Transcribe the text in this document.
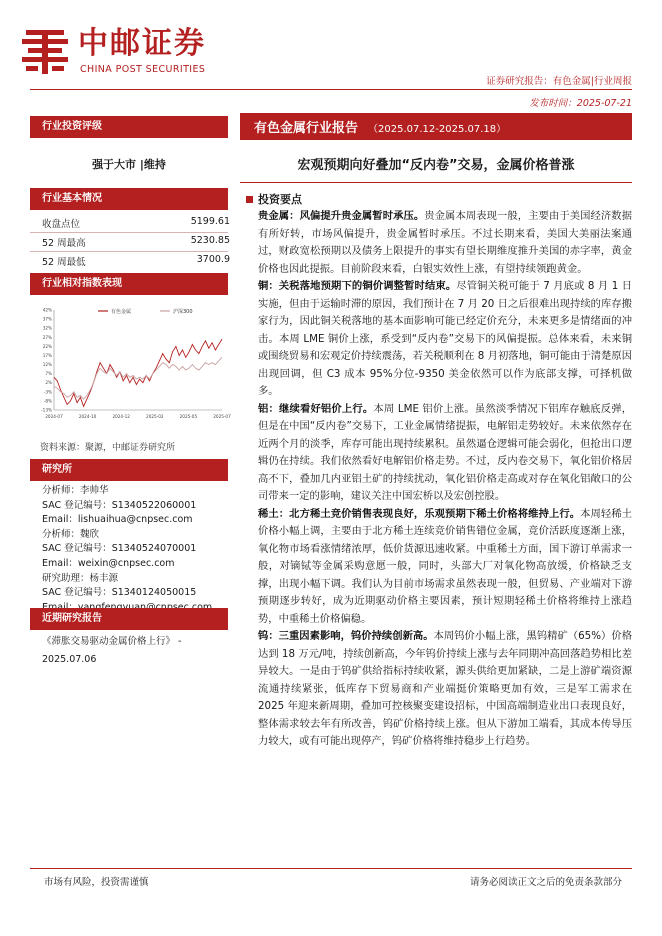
中邮证券
CHINA POST SECURITIES
证券研究报告：有色金属|行业周报
发布时间：2025-07-21
行业投资评级
强于大市 |维持
行业基本情况
收盘点位	5199.61
52 周最高	5230.85
52 周最低	3700.9
行业相对指数表现
-13%
-8%
-3%
2%
7%
12%
17%
22%
27%
32%
37%
42%
2024-07	2024-10	2024-12	2025-02	2025-05	2025-07
有色金属	沪深300
资料来源：聚源，中邮证券研究所
研究所
分析师：李帅华
SAC 登记编号：S1340522060001
Email：lishuaihua@cnpsec.com
分析师：魏欣
SAC 登记编号：S1340524070001
Email：weixin@cnpsec.com
研究助理：杨丰源
SAC 登记编号：S1340124050015
近期研究报告
《滞胀交易驱动金属价格上行》 - 2025.07.06
有色金属行业报告 （2025.07.12-2025.07.18）
宏观预期向好叠加“反内卷”交易，金属价格普涨
投资要点

贵金属：风偏提升贵金属暂时承压。贵金属本周表现一般，主要由于美国经济数据有所好转，市场风偏提升，贵金属暂时承压。不过长期来看，美国大美丽法案通过，财政宽松预期以及债务上限提升的事实有望长期维度推升美国的赤字率，黄金价格也因此提振。目前阶段来看，白银实效性上涨，有望持续领跑黄金。

铜：关税落地预期下的铜价调整暂时结束。尽管铜关税可能于 7 月底或 8 月 1 日实施，但由于运输时滞的原因，我们预计在 7 月 20 日之后很难出现持续的库存搬家行为，因此铜关税落地的基本面影响可能已经定价充分，未来更多是情绪面的冲击。本周 LME 铜价上涨，系受到“反内卷”交易下的风偏提振。总体来看，未来铜或围绕贸易和宏观定价持续震荡，若关税顺利在 8 月初落地，铜可能由于清楚原因出现回调，但 C3 成本 95%分位-9350 美金依然可以作为底部支撑，可择机做多。

铝：继续看好铝价上行。本周 LME 铝价上涨。虽然淡季情况下铝库存触底反弹，但是在中国“反内卷”交易下，工业金属情绪提振，电解铝走势较好。未来依然存在近两个月的淡季，库存可能出现持续累积。虽然逼仓逻辑可能会弱化，但抢出口逻辑仍在持续。我们依然看好电解铝价格走势。不过，反内卷交易下，氧化铝价格居高不下，叠加几内亚铝土矿的持续扰动，氧化铝价格走高或对存在氧化铝敞口的公司带来一定的影响，建议关注中国宏桥以及宏创控股。

稀土：北方稀土竞价销售表现良好，乐观预期下稀土价格将维持上行。本周轻稀土价格小幅上调，主要由于北方稀土连续竞价销售错位金属，竞价活跃度逐渐上涨，氧化物市场看涨情绪浓厚，低价货源迅速收紧。中重稀土方面，国下游订单需求一般，对镝铽等金属采购意愿一般，同时，头部大厂对氧化物高放缓，价格缺乏支撑，出现小幅下调。我们认为目前市场需求虽然表现一般，但贸易、产业端对下游预期逐步转好，成为近期驱动价格主要因素，预计短期轻稀土价格将维持上涨趋势，中重稀土价格偏稳。

钨：三重因素影响，钨价持续创新高。本周钨价小幅上涨，黑钨精矿（65%）价格达到 18 万元/吨，持续创新高，今年钨价持续上涨与去年同期冲高回落趋势相比差异较大。一是由于钨矿供给指标持续收紧，源头供给更加紧缺，二是上游矿端资源流通持续紧张，低库存下贸易商和产业端挺价策略更加有效，三是军工需求在 2025 年迎来新周期，叠加可控核聚变建设招标，中国高端制造业出口表现良好，整体需求较去年有所改善，钨矿价格持续上涨。但从下游加工端看，其成本传导压力较大，或有可能出现停产，钨矿价格将维持稳步上行趋势。

市场有风险，投资需谨慎	请务必阅读正文之后的免责条款部分
